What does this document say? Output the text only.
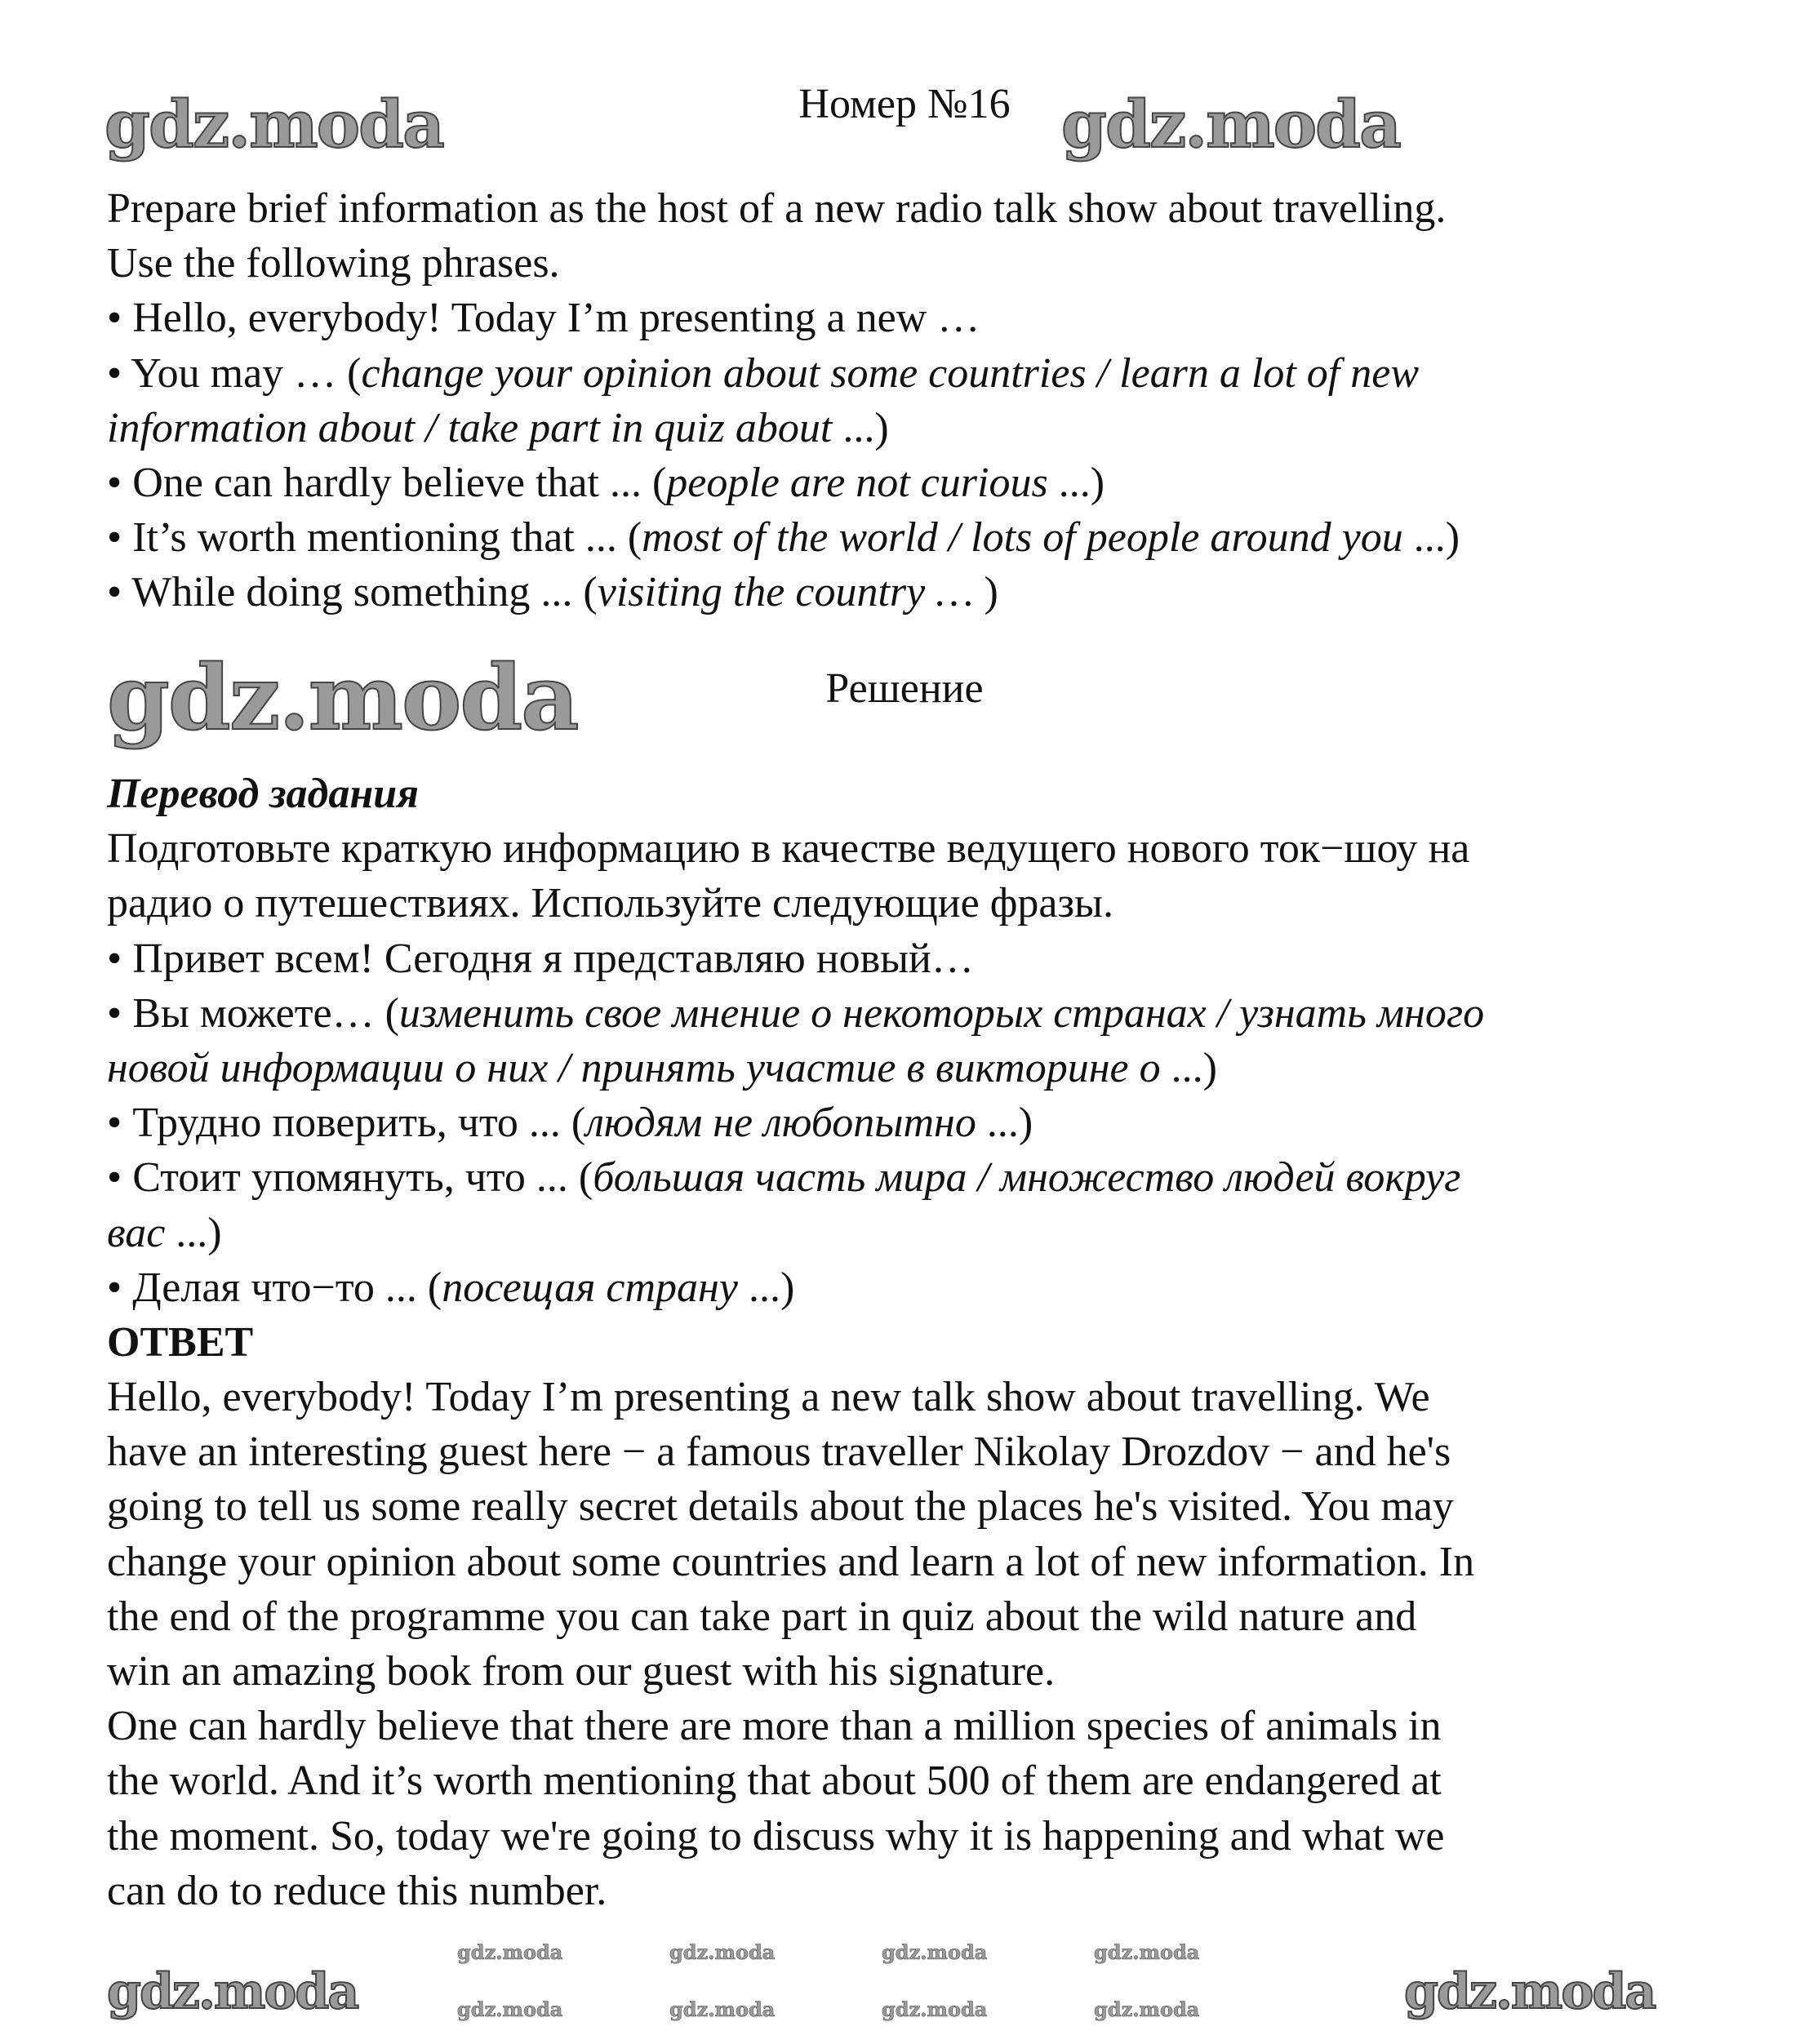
Номер №16
Prepare brief information as the host of a new radio talk show about travelling.
Use the following phrases.
• Hello, everybody! Today I’m presenting a new …
• You may … (change your opinion about some countries / learn a lot of new
information about / take part in quiz about ...)
• One can hardly believe that ... (people are not curious ...)
• It’s worth mentioning that ... (most of the world / lots of people around you ...)
• While doing something ... (visiting the country … )
Решение
Перевод задания
Подготовьте краткую информацию в качестве ведущего нового ток−шоу на
радио о путешествиях. Используйте следующие фразы.
• Привет всем! Сегодня я представляю новый…
• Вы можете… (изменить свое мнение о некоторых странах / узнать много
новой информации о них / принять участие в викторине о ...)
• Трудно поверить, что ... (людям не любопытно ...)
• Стоит упомянуть, что ... (большая часть мира / множество людей вокруг
вас ...)
• Делая что−то ... (посещая страну ...)
ОТВЕТ
Hello, everybody! Today I’m presenting a new talk show about travelling. We
have an interesting guest here − a famous traveller Nikolay Drozdov − and he's
going to tell us some really secret details about the places he's visited. You may
change your opinion about some countries and learn a lot of new information. In
the end of the programme you can take part in quiz about the wild nature and
win an amazing book from our guest with his signature.
One can hardly believe that there are more than a million species of animals in
the world. And it’s worth mentioning that about 500 of them are endangered at
the moment. So, today we're going to discuss why it is happening and what we
can do to reduce this number.
gdz.moda	gdz.moda
gdz.moda
gdz.moda	gdz.moda
gdz.moda	gdz.moda	gdz.moda	gdz.moda
gdz.moda	gdz.moda	gdz.moda	gdz.moda
